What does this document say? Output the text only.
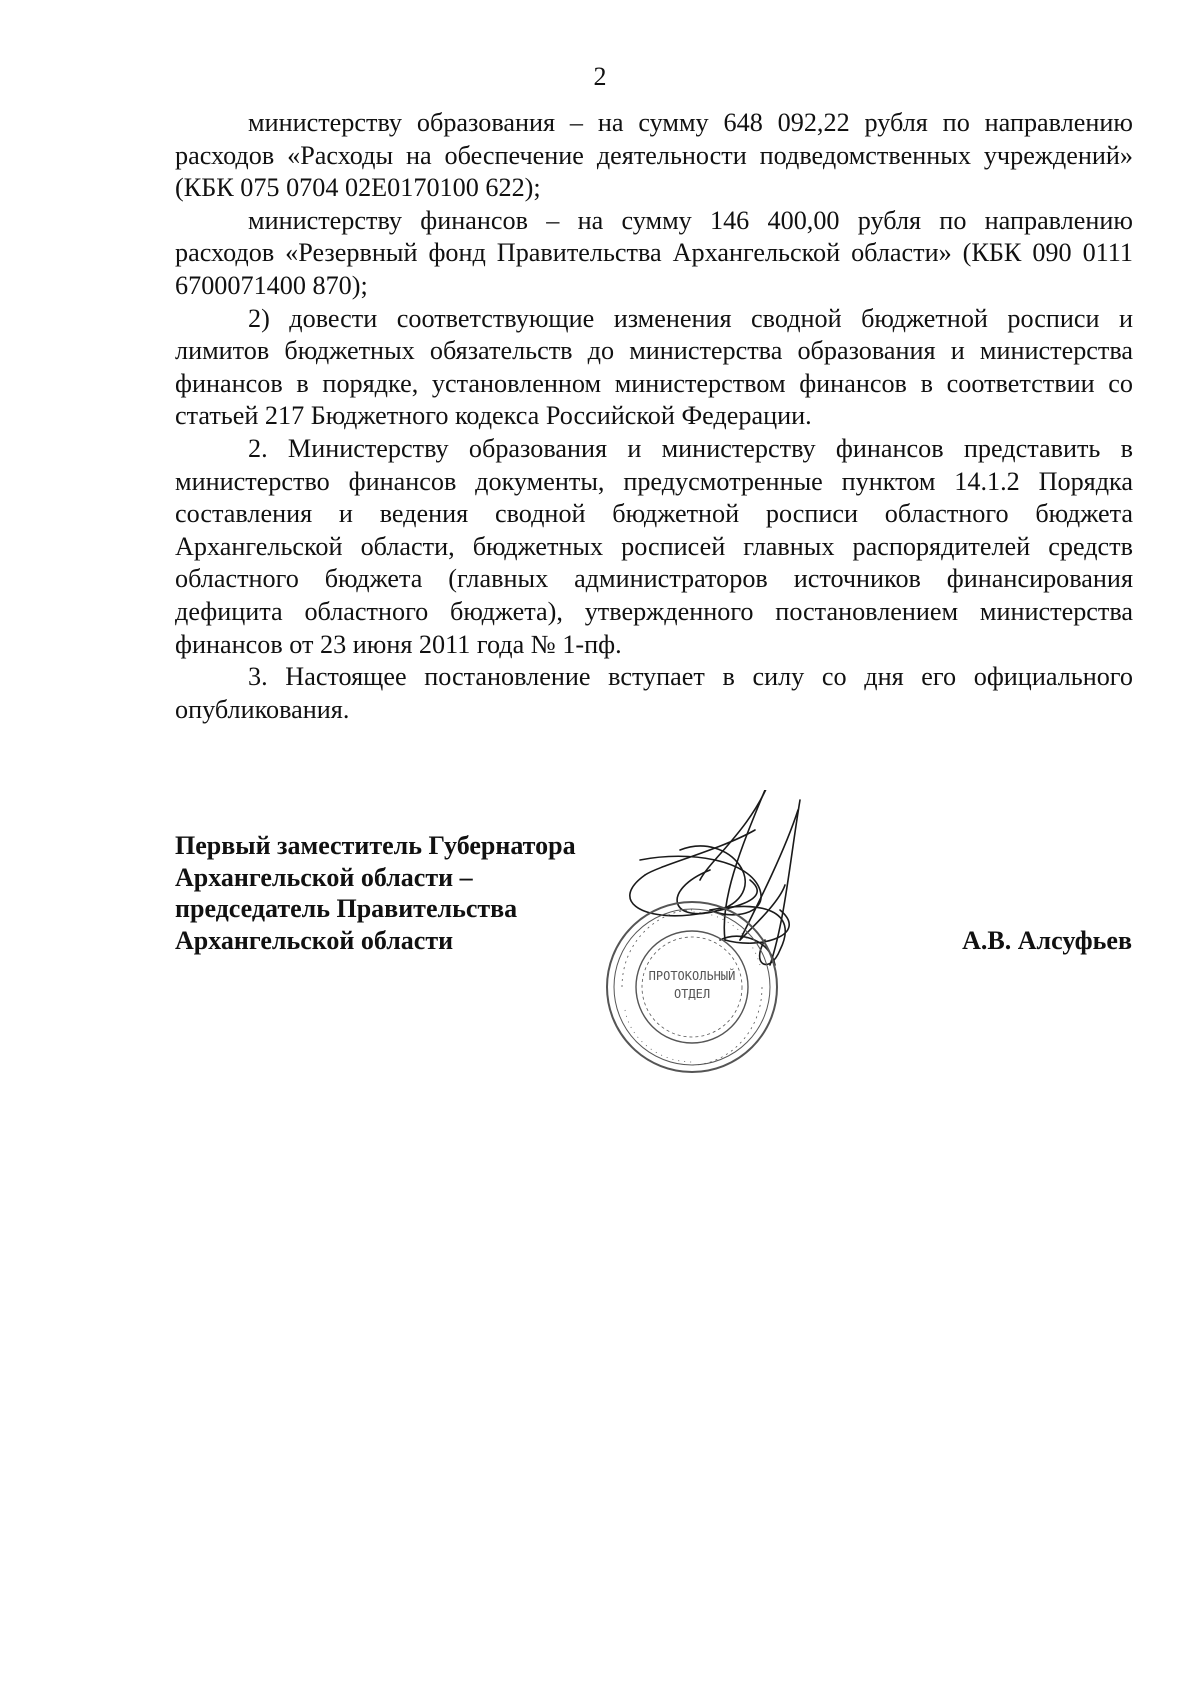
2

министерству образования – на сумму 648 092,22 рубля по направлению расходов «Расходы на обеспечение деятельности подведомственных учреждений» (КБК 075 0704 02Е0170100 622);

министерству финансов – на сумму 146 400,00 рубля по направлению расходов «Резервный фонд Правительства Архангельской области» (КБК 090 0111 6700071400 870);

2) довести соответствующие изменения сводной бюджетной росписи и лимитов бюджетных обязательств до министерства образования и министерства финансов в порядке, установленном министерством финансов в соответствии со статьей 217 Бюджетного кодекса Российской Федерации.

2. Министерству образования и министерству финансов представить в министерство финансов документы, предусмотренные пунктом 14.1.2 Порядка составления и ведения сводной бюджетной росписи областного бюджета Архангельской области, бюджетных росписей главных распорядителей средств областного бюджета (главных администраторов источников финансирования дефицита областного бюджета), утвержденного постановлением министерства финансов от 23 июня 2011 года № 1-пф.

3. Настоящее постановление вступает в силу со дня его официального опубликования.

Первый заместитель Губернатора
Архангельской области –
председатель Правительства
Архангельской области	А.В. Алсуфьев
ПРОТОКОЛЬНЫЙ
ОТДЕЛ
